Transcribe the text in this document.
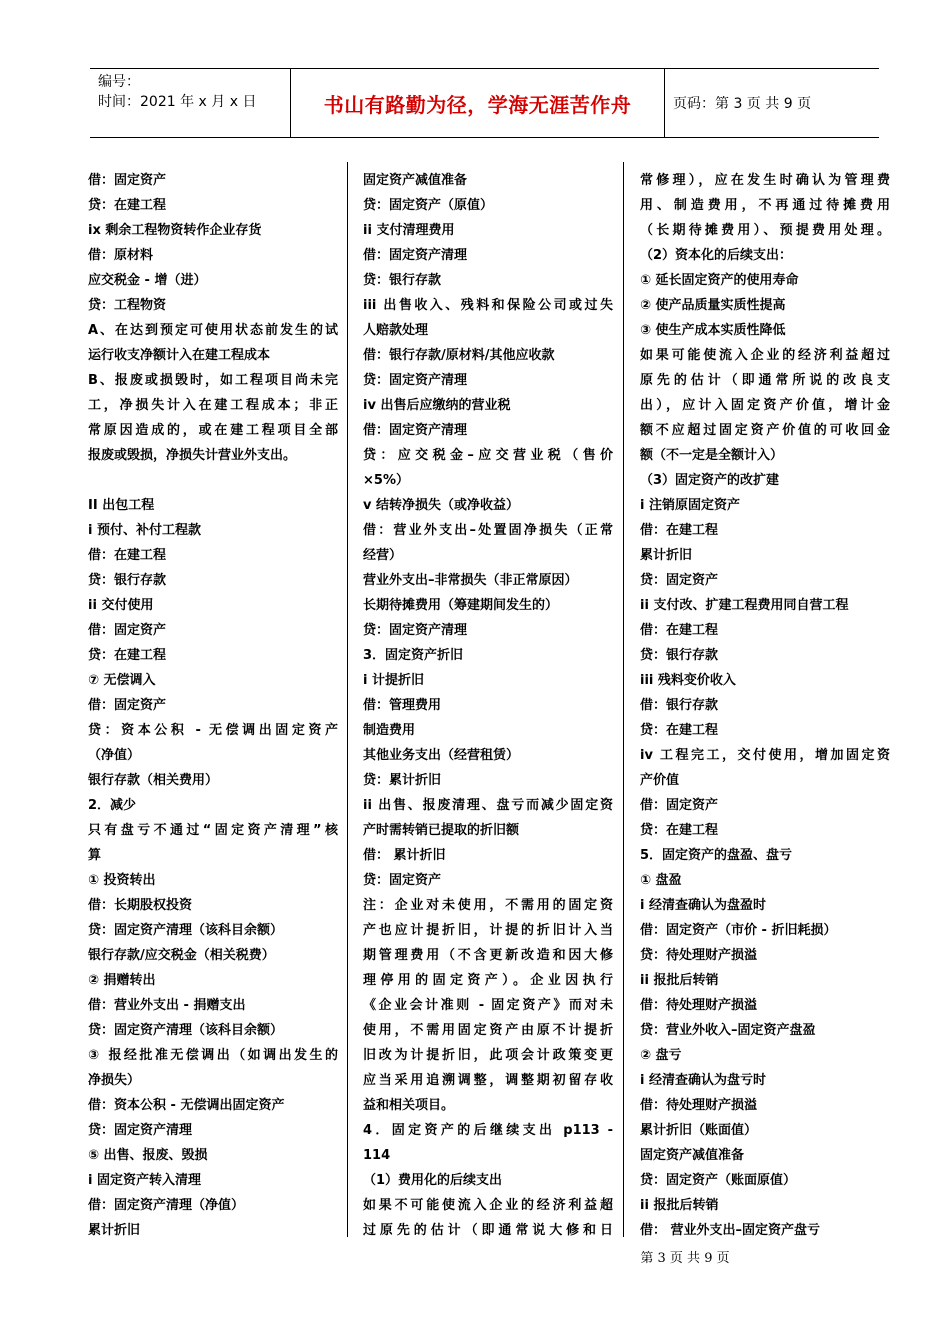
编号：
时间：2021 年 x 月 x 日	书山有路勤为径，学海无涯苦作舟	页码：第 3 页 共 9 页
借：固定资产
贷：在建工程
ix 剩余工程物资转作企业存货
借：原材料
应交税金 - 增（进）
贷：工程物资
A、在达到预定可使用状态前发生的试
运行收支净额计入在建工程成本
B、报废或损毁时，如工程项目尚未完
工，净损失计入在建工程成本；非正
常原因造成的，或在建工程项目全部
报废或毁损，净损失计营业外支出。
II 出包工程
i 预付、补付工程款
借：在建工程
贷：银行存款
ii 交付使用
借：固定资产
贷：在建工程
⑦ 无偿调入
借：固定资产
贷：资本公积 - 无偿调出固定资产
（净值）
银行存款（相关费用）
2．减少
只有盘亏不通过“固定资产清理”核
算
① 投资转出
借：长期股权投资
贷：固定资产清理（该科目余额）
银行存款/应交税金（相关税费）
② 捐赠转出
借：营业外支出 - 捐赠支出
贷：固定资产清理（该科目余额）
③ 报经批准无偿调出（如调出发生的
净损失）
借：资本公积 - 无偿调出固定资产
贷：固定资产清理
⑤ 出售、报废、毁损
i 固定资产转入清理
借：固定资产清理（净值）
累计折旧
固定资产减值准备
贷：固定资产（原值）
ii 支付清理费用
借：固定资产清理
贷：银行存款
iii 出售收入、残料和保险公司或过失
人赔款处理
借：银行存款/原材料/其他应收款
贷：固定资产清理
iv 出售后应缴纳的营业税
借：固定资产清理
贷：应交税金–应交营业税（售价
×5%）
v 结转净损失（或净收益）
借：营业外支出–处置固净损失（正常
经营）
营业外支出–非常损失（非正常原因）
长期待摊费用（筹建期间发生的）
贷：固定资产清理
3．固定资产折旧
i 计提折旧
借：管理费用
制造费用
其他业务支出（经营租赁）
贷：累计折旧
ii 出售、报废清理、盘亏而减少固定资
产时需转销已提取的折旧额
借： 累计折旧
贷：固定资产
注：企业对未使用，不需用的固定资
产也应计提折旧，计提的折旧计入当
期管理费用（不含更新改造和因大修
理停用的固定资产）。企业因执行
《企业会计准则 - 固定资产》而对未
使用，不需用固定资产由原不计提折
旧改为计提折旧，此项会计政策变更
应当采用追溯调整，调整期初留存收
益和相关项目。
4．固定资产的后继续支出 p113 -
114
（1）费用化的后续支出
如果不可能使流入企业的经济利益超
过原先的估计（即通常说大修和日
常修理），应在发生时确认为管理费
用、制造费用，不再通过待摊费用
（长期待摊费用）、预提费用处理。
（2）资本化的后续支出：
① 延长固定资产的使用寿命
② 使产品质量实质性提高
③ 使生产成本实质性降低
如果可能使流入企业的经济利益超过
原先的估计（即通常所说的改良支
出），应计入固定资产价值，增计金
额不应超过固定资产价值的可收回金
额（不一定是全额计入）
（3）固定资产的改扩建
i 注销原固定资产
借：在建工程
累计折旧
贷：固定资产
ii 支付改、扩建工程费用同自营工程
借：在建工程
贷：银行存款
iii 残料变价收入
借：银行存款
贷：在建工程
iv 工程完工，交付使用，增加固定资
产价值
借：固定资产
贷：在建工程
5．固定资产的盘盈、盘亏
① 盘盈
i 经清查确认为盘盈时
借：固定资产（市价 - 折旧耗损）
贷：待处理财产损溢
ii 报批后转销
借：待处理财产损溢
贷：营业外收入–固定资产盘盈
② 盘亏
i 经清查确认为盘亏时
借：待处理财产损溢
累计折旧（账面值）
固定资产减值准备
贷：固定资产（账面原值）
ii 报批后转销
借： 营业外支出–固定资产盘亏
第 3 页 共 9 页
